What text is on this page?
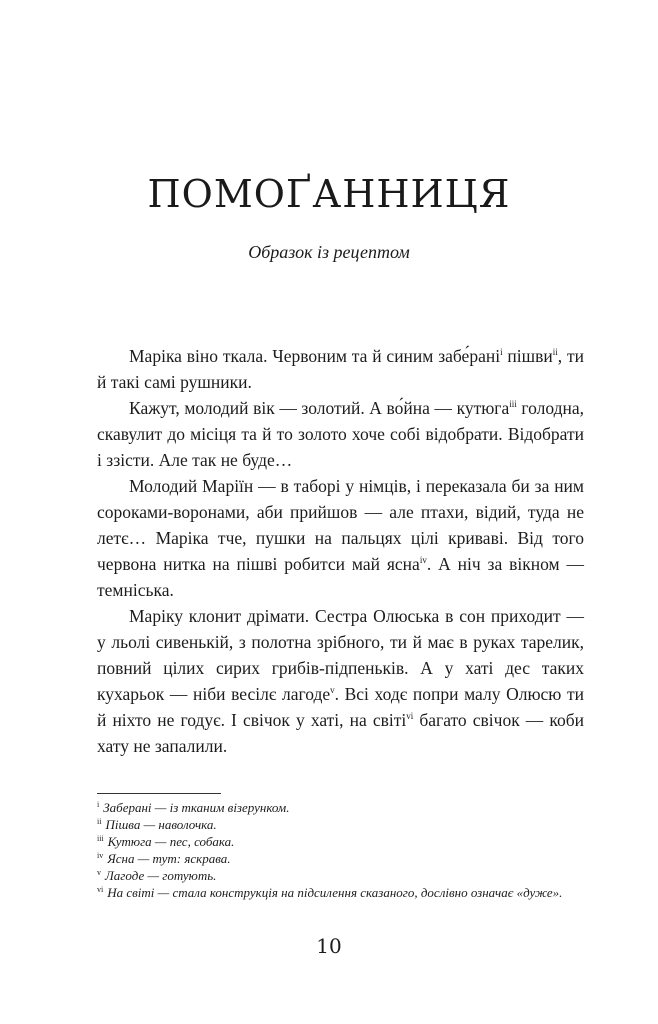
ПОМОҐАННИЦЯ
Образок із рецептом

Маріка віно ткала. Червоним та й синим забе́рані$^і$ пішви$^{іі}$, ти й такі самі рушники.

Кажут, молодий вік — золотий. А во́йна — кутюга$^{ііі}$ голодна, скавулит до місіця та й то золото хоче собі відобрати. Відобрати і ззісти. Але так не буде…

Молодий Маріїн — в таборі у німців, і переказала би за ним сороками-воронами, аби прийшов — але птахи, відий, туда не летє… Маріка тче, пушки на пальцях цілі криваві. Від того червона нитка на пішві робитси май ясна$^{iv}$. А ніч за вікном — темніська.

Маріку клонит дрімати. Сестра Олюська в сон приходит — у льолі сивенькій, з полотна зрібного, ти й має в руках тарелик, повний цілих сирих грибів-підпеньків. А у хаті дес таких кухарьок — ніби весілє лагоде$^v$. Всі ходє попри малу Олюсю ти й ніхто не годує. І свічок у хаті, на світі$^{vi}$ багато свічок — коби хату не запалили.

$^і$ Заберані — із тканим візерунком.

$^{іі}$ Пішва — наволочка.

$^{ііі}$ Кутюга — пес, собака.

$^{iv}$ Ясна — тут: яскрава.

$^v$ Лагоде — готують.

$^{vi}$ На світі — стала конструкція на підсилення сказаного, дослівно означає «дуже».

10
